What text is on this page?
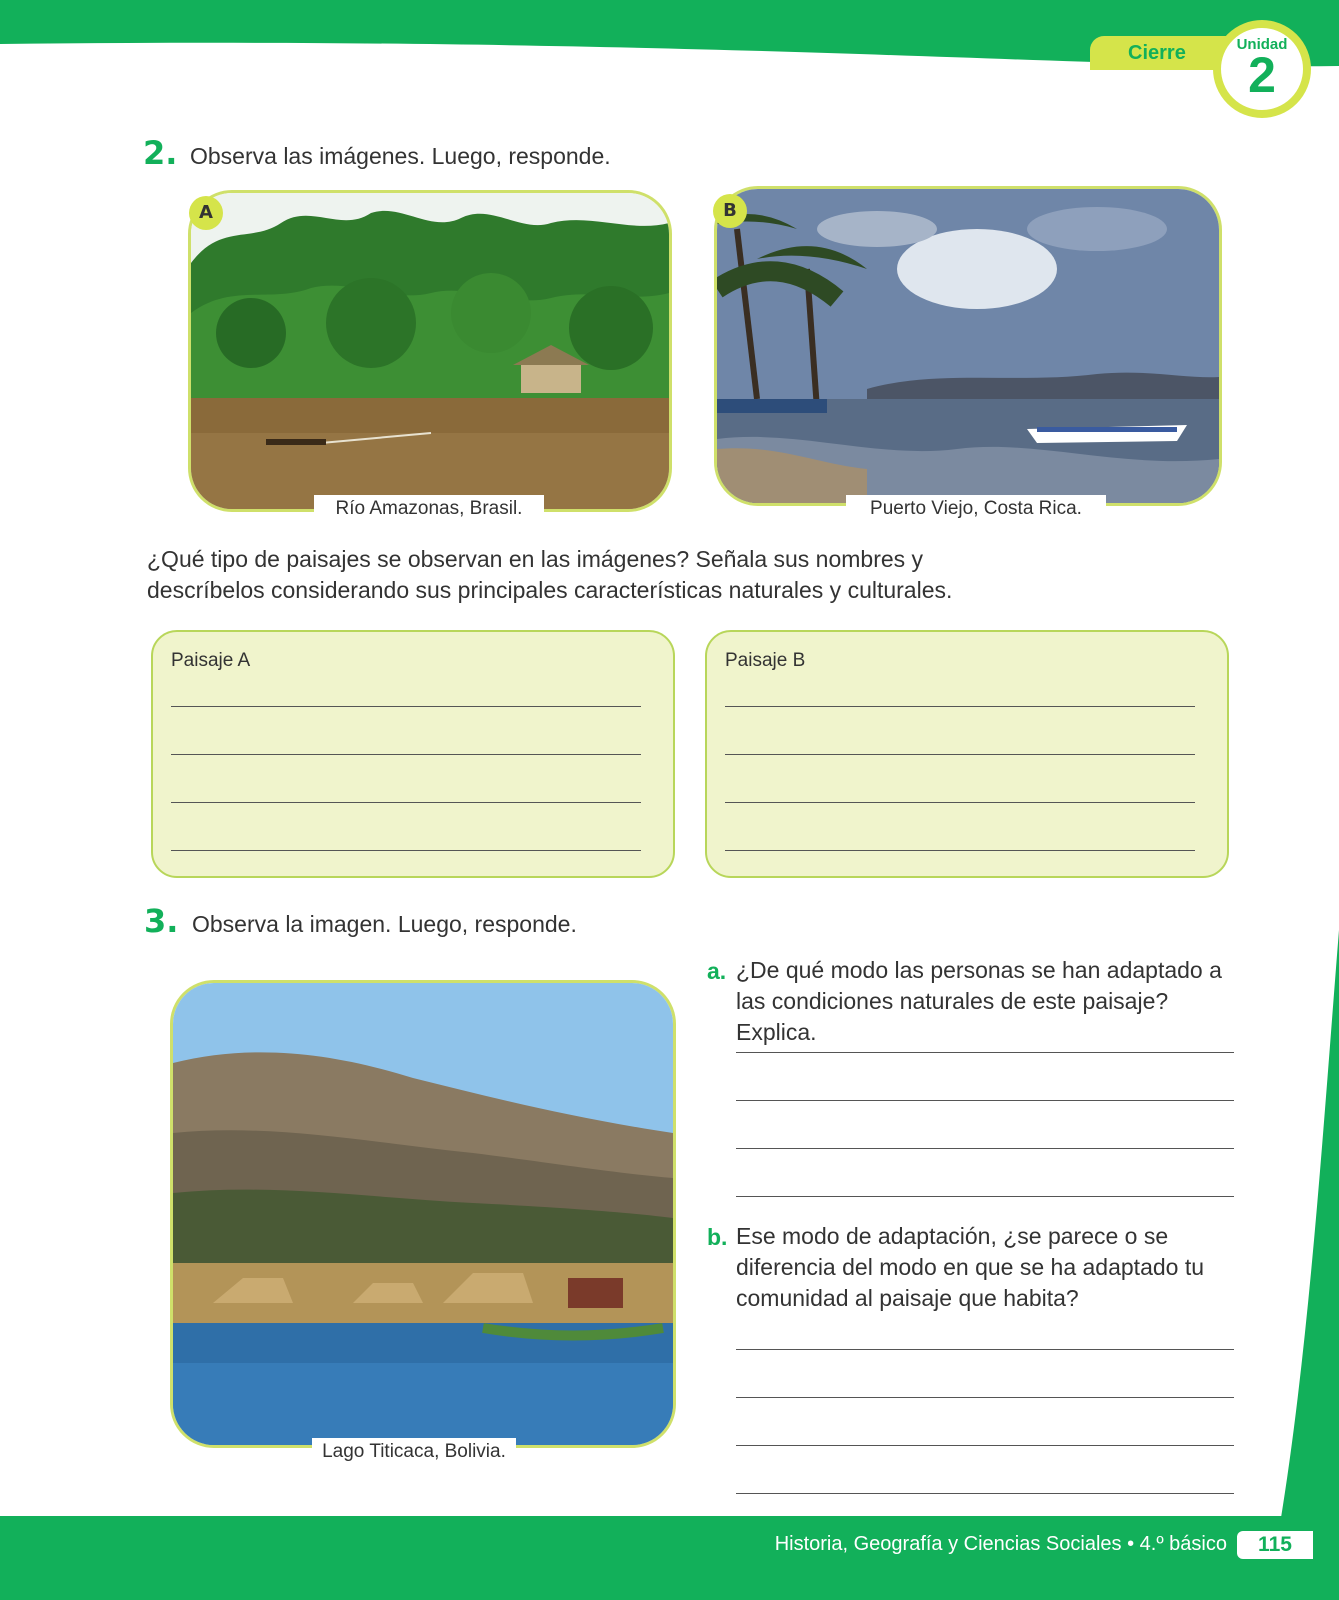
Cierre	Unidad
2
2. Observa las imágenes. Luego, responde.
A
Río Amazonas, Brasil.
B
Puerto Viejo, Costa Rica.
¿Qué tipo de paisajes se observan en las imágenes? Señala sus nombres y descríbelos considerando sus principales características naturales y culturales.
Paisaje A	Paisaje B
3. Observa la imagen. Luego, responde.
Lago Titicaca, Bolivia.
a. ¿De qué modo las personas se han adaptado a las condiciones naturales de este paisaje? Explica.
b. Ese modo de adaptación, ¿se parece o se diferencia del modo en que se ha adaptado tu comunidad al paisaje que habita?
Historia, Geografía y Ciencias Sociales • 4.º básico	115
